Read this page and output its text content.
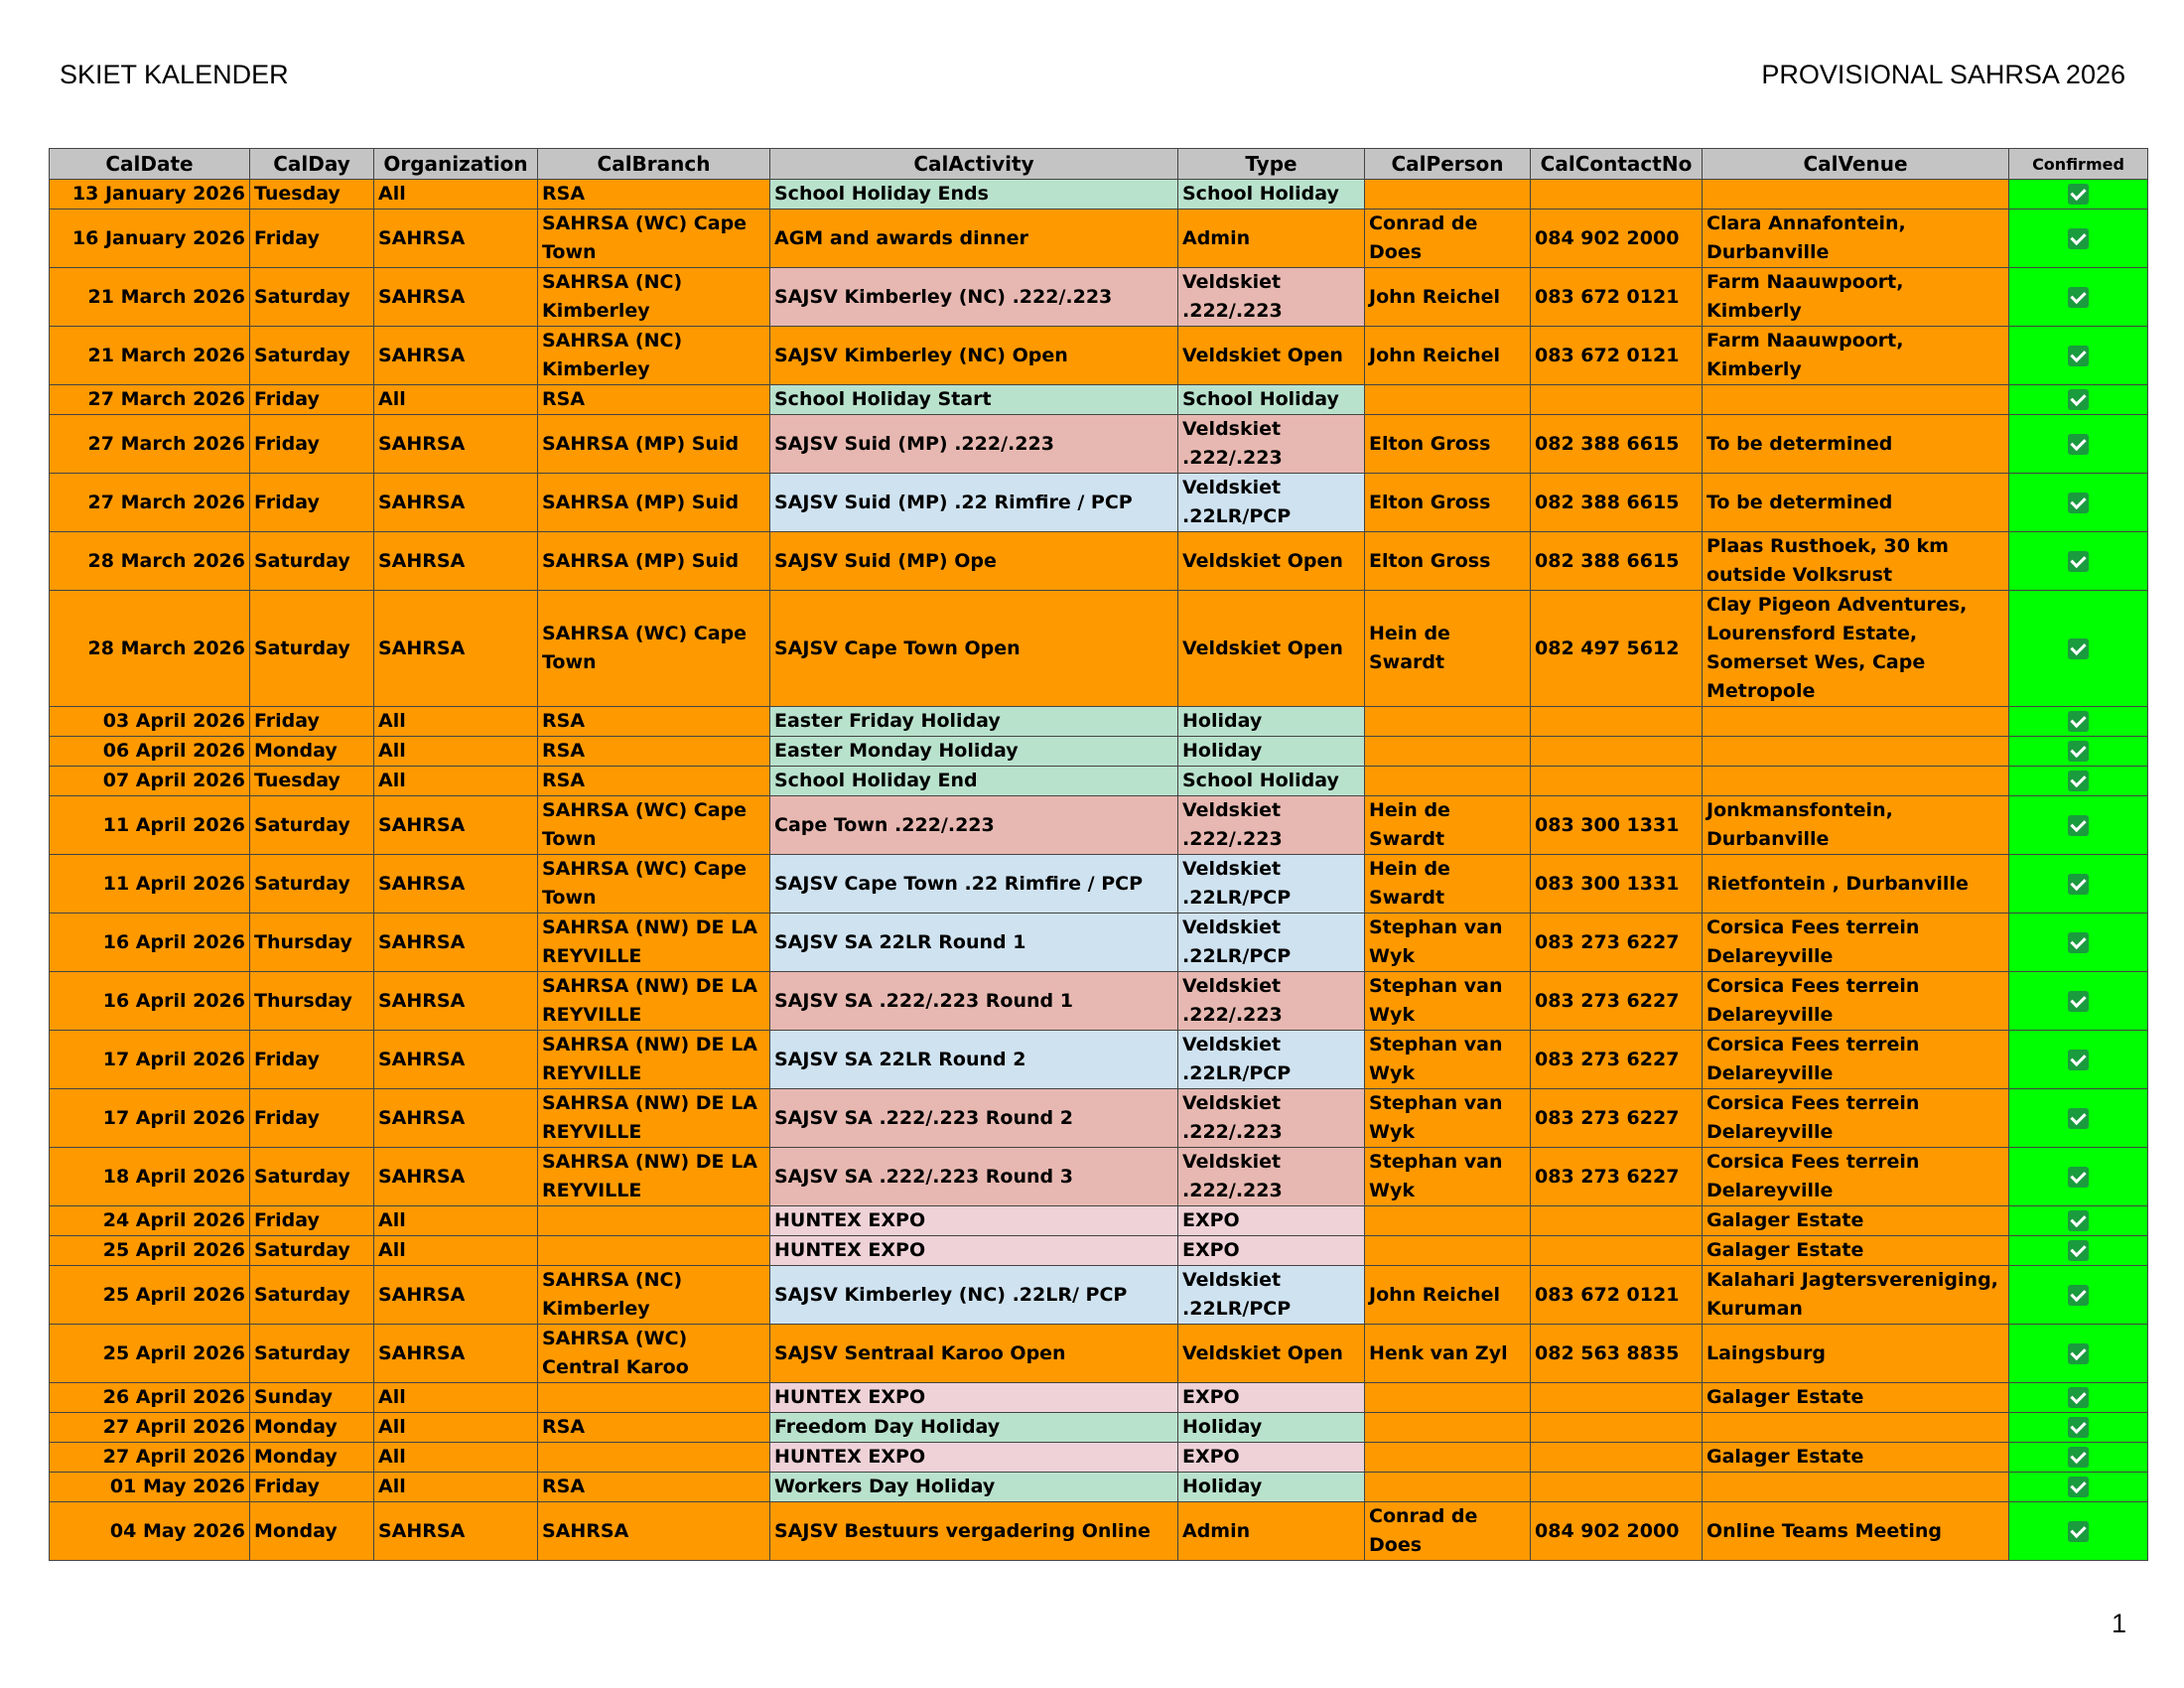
SKIET KALENDER	PROVISIONAL SAHRSA 2026
CalDate	CalDay	Organization	CalBranch	CalActivity	Type	CalPerson	CalContactNo	CalVenue	Confirmed
13 January 2026	Tuesday	All	RSA	School Holiday Ends	School Holiday				
16 January 2026	Friday	SAHRSA	SAHRSA (WC) Cape Town	AGM and awards dinner	Admin	Conrad de Does	084 902 2000	Clara Annafontein, Durbanville	
21 March 2026	Saturday	SAHRSA	SAHRSA (NC) Kimberley	SAJSV Kimberley (NC) .222/.223	Veldskiet .222/.223	John Reichel	083 672 0121	Farm Naauwpoort, Kimberly	
21 March 2026	Saturday	SAHRSA	SAHRSA (NC) Kimberley	SAJSV Kimberley (NC) Open	Veldskiet Open	John Reichel	083 672 0121	Farm Naauwpoort, Kimberly	
27 March 2026	Friday	All	RSA	School Holiday Start	School Holiday				
27 March 2026	Friday	SAHRSA	SAHRSA (MP) Suid	SAJSV Suid (MP) .222/.223	Veldskiet .222/.223	Elton Gross	082 388 6615	To be determined	
27 March 2026	Friday	SAHRSA	SAHRSA (MP) Suid	SAJSV Suid (MP) .22 Rimfire / PCP	Veldskiet .22LR/PCP	Elton Gross	082 388 6615	To be determined	
28 March 2026	Saturday	SAHRSA	SAHRSA (MP) Suid	SAJSV Suid (MP) Ope	Veldskiet Open	Elton Gross	082 388 6615	Plaas Rusthoek, 30 km outside Volksrust	
28 March 2026	Saturday	SAHRSA	SAHRSA (WC) Cape Town	SAJSV Cape Town Open	Veldskiet Open	Hein de Swardt	082 497 5612	Clay Pigeon Adventures, Lourensford Estate, Somerset Wes, Cape Metropole	
03 April 2026	Friday	All	RSA	Easter Friday Holiday	Holiday				
06 April 2026	Monday	All	RSA	Easter Monday Holiday	Holiday				
07 April 2026	Tuesday	All	RSA	School Holiday End	School Holiday				
11 April 2026	Saturday	SAHRSA	SAHRSA (WC) Cape Town	Cape Town .222/.223	Veldskiet .222/.223	Hein de Swardt	083 300 1331	Jonkmansfontein, Durbanville	
11 April 2026	Saturday	SAHRSA	SAHRSA (WC) Cape Town	SAJSV Cape Town .22 Rimfire / PCP	Veldskiet .22LR/PCP	Hein de Swardt	083 300 1331	Rietfontein , Durbanville	
16 April 2026	Thursday	SAHRSA	SAHRSA (NW) DE LA REYVILLE	SAJSV SA 22LR Round 1	Veldskiet .22LR/PCP	Stephan van Wyk	083 273 6227	Corsica Fees terrein Delareyville	
16 April 2026	Thursday	SAHRSA	SAHRSA (NW) DE LA REYVILLE	SAJSV SA .222/.223 Round 1	Veldskiet .222/.223	Stephan van Wyk	083 273 6227	Corsica Fees terrein Delareyville	
17 April 2026	Friday	SAHRSA	SAHRSA (NW) DE LA REYVILLE	SAJSV SA 22LR Round 2	Veldskiet .22LR/PCP	Stephan van Wyk	083 273 6227	Corsica Fees terrein Delareyville	
17 April 2026	Friday	SAHRSA	SAHRSA (NW) DE LA REYVILLE	SAJSV SA .222/.223 Round 2	Veldskiet .222/.223	Stephan van Wyk	083 273 6227	Corsica Fees terrein Delareyville	
18 April 2026	Saturday	SAHRSA	SAHRSA (NW) DE LA REYVILLE	SAJSV SA .222/.223 Round 3	Veldskiet .222/.223	Stephan van Wyk	083 273 6227	Corsica Fees terrein Delareyville	
24 April 2026	Friday	All		HUNTEX EXPO	EXPO			Galager Estate	
25 April 2026	Saturday	All		HUNTEX EXPO	EXPO			Galager Estate	
25 April 2026	Saturday	SAHRSA	SAHRSA (NC) Kimberley	SAJSV Kimberley (NC) .22LR/ PCP	Veldskiet .22LR/PCP	John Reichel	083 672 0121	Kalahari Jagtersvereniging, Kuruman	
25 April 2026	Saturday	SAHRSA	SAHRSA (WC) Central Karoo	SAJSV Sentraal Karoo Open	Veldskiet Open	Henk van Zyl	082 563 8835	Laingsburg	
26 April 2026	Sunday	All		HUNTEX EXPO	EXPO			Galager Estate	
27 April 2026	Monday	All	RSA	Freedom Day Holiday	Holiday				
27 April 2026	Monday	All		HUNTEX EXPO	EXPO			Galager Estate	
01 May 2026	Friday	All	RSA	Workers Day Holiday	Holiday				
04 May 2026	Monday	SAHRSA	SAHRSA	SAJSV Bestuurs vergadering Online	Admin	Conrad de Does	084 902 2000	Online Teams Meeting	
1
